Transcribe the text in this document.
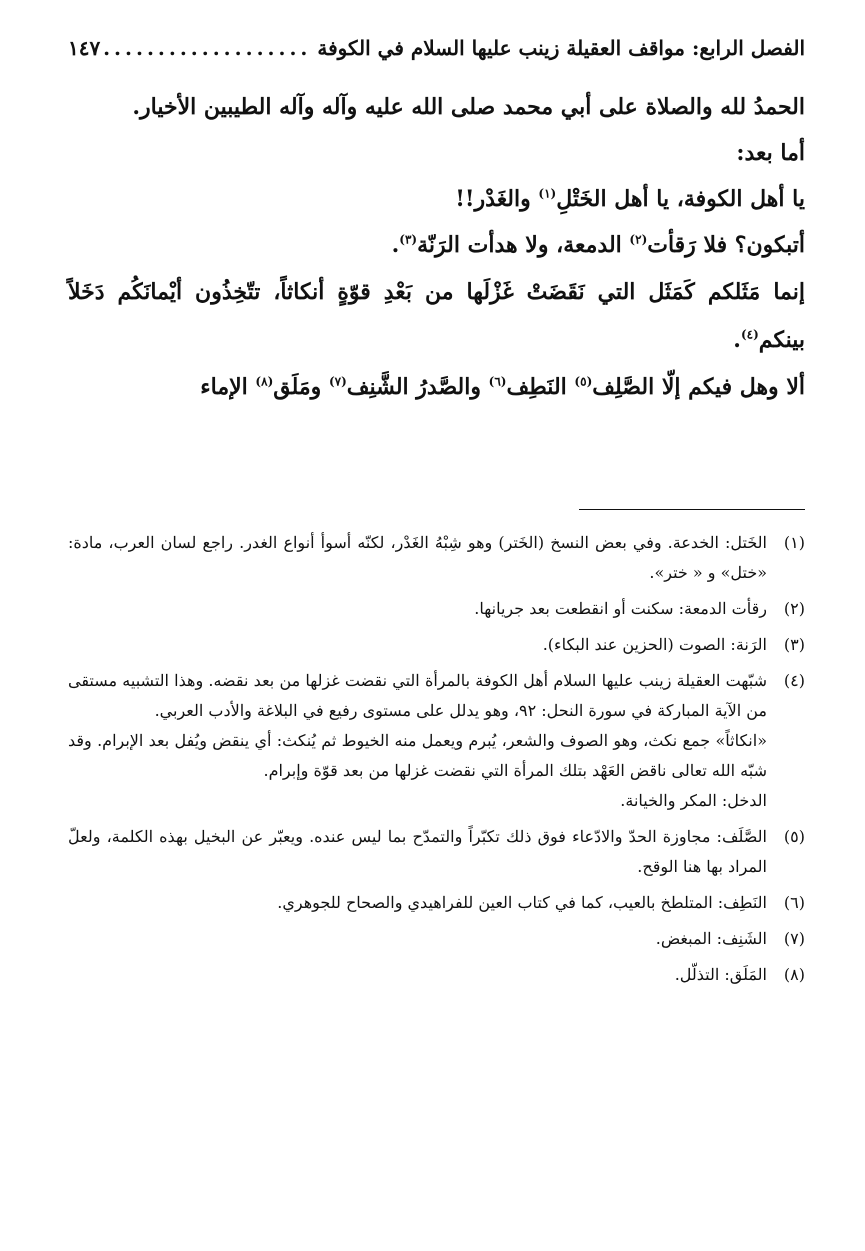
الفصل الرابع: مواقف العقيلة زينب عليها السلام في الكوفة
...................
١٤٧

الحمدُ لله والصلاة على أبي محمد صلى الله عليه وآله وآله الطيبين الأخيار.

أما بعد:

يا أهل الكوفة، يا أهل الخَتْلِ$^{(١)}$ والغَدْر!!

أتبكون؟ فلا رَقأت$^{(٢)}$ الدمعة، ولا هدأت الرَنّة$^{(٣)}$.

إنما مَثَلكم كَمَثَل التي نَقَضَتْ غَزْلَها من بَعْدِ قوّةٍ أنكاثاً، تتّخِذُون أيْمانَكُم دَخَلاً بينكم$^{(٤)}$.

ألا وهل فيكم إلّا الصَّلِف$^{(٥)}$ النَطِف$^{(٦)}$ والصَّدرُ الشَّنِف$^{(٧)}$ ومَلَق$^{(٨)}$ الإماء

(١)

الخَتل: الخدعة. وفي بعض النسخ (الخَتر) وهو شِبْهُ الغَدْر، لكنّه أسوأ أنواع الغدر. راجع لسان العرب، مادة: «ختل» و « ختر».

(٢)

رقأت الدمعة: سكنت أو انقطعت بعد جريانها.

(٣)

الرَنة: الصوت (الحزين عند البكاء).

(٤)

شبّهت العقيلة زينب عليها السلام أهل الكوفة بالمرأة التي نقضت غزلها من بعد نقضه. وهذا التشبيه مستقى من الآية المباركة في سورة النحل: ٩٢، وهو يدلل على مستوى رفيع في البلاغة والأدب العربي.

«انكاثاً» جمع نكث، وهو الصوف والشعر، يُبرم ويعمل منه الخيوط ثم يُنكث: أي ينقض ويُفل بعد الإبرام. وقد شبّه الله تعالى ناقض العَهْد بتلك المرأة التي نقضت غزلها من بعد قوّة وإبرام.

الدخل: المكر والخيانة.

(٥)

الصَّلَف: مجاوزة الحدّ والادّعاء فوق ذلك تكبّراً والتمدّح بما ليس عنده. ويعبّر عن البخيل بهذه الكلمة، ولعلّ المراد بها هنا الوقح.

(٦)

النَطِف: المتلطخ بالعيب، كما في كتاب العين للفراهيدي والصحاح للجوهري.

(٧)

الشَنِف: المبغض.

(٨)

المَلَق: التذلّل.
